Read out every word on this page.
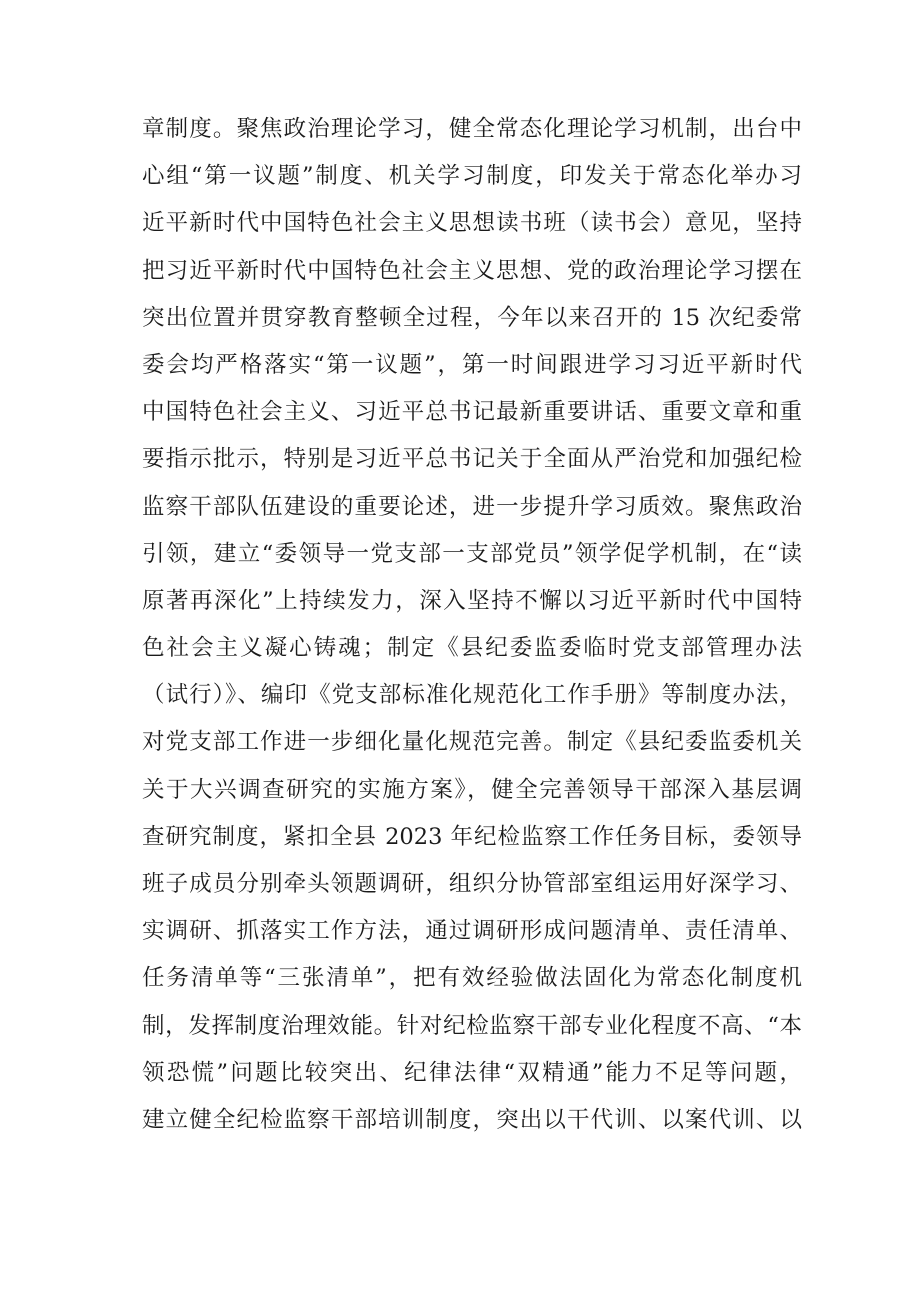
章制度。聚焦政治理论学习，健全常态化理论学习机制，出台中
心组“第一议题”制度、机关学习制度，印发关于常态化举办习
近平新时代中国特色社会主义思想读书班（读书会）意见，坚持
把习近平新时代中国特色社会主义思想、党的政治理论学习摆在
突出位置并贯穿教育整顿全过程，今年以来召开的 15 次纪委常
委会均严格落实“第一议题”，第一时间跟进学习习近平新时代
中国特色社会主义、习近平总书记最新重要讲话、重要文章和重
要指示批示，特别是习近平总书记关于全面从严治党和加强纪检
监察干部队伍建设的重要论述，进一步提升学习质效。聚焦政治
引领，建立“委领导一党支部一支部党员”领学促学机制，在“读
原著再深化”上持续发力，深入坚持不懈以习近平新时代中国特
色社会主义凝心铸魂；制定《县纪委监委临时党支部管理办法
（试行）》、编印《党支部标准化规范化工作手册》等制度办法，
对党支部工作进一步细化量化规范完善。制定《县纪委监委机关
关于大兴调查研究的实施方案》，健全完善领导干部深入基层调
查研究制度，紧扣全县 2023 年纪检监察工作任务目标，委领导
班子成员分别牵头领题调研，组织分协管部室组运用好深学习、
实调研、抓落实工作方法，通过调研形成问题清单、责任清单、
任务清单等“三张清单”，把有效经验做法固化为常态化制度机
制，发挥制度治理效能。针对纪检监察干部专业化程度不高、“本
领恐慌”问题比较突出、纪律法律“双精通”能力不足等问题，
建立健全纪检监察干部培训制度，突出以干代训、以案代训、以
